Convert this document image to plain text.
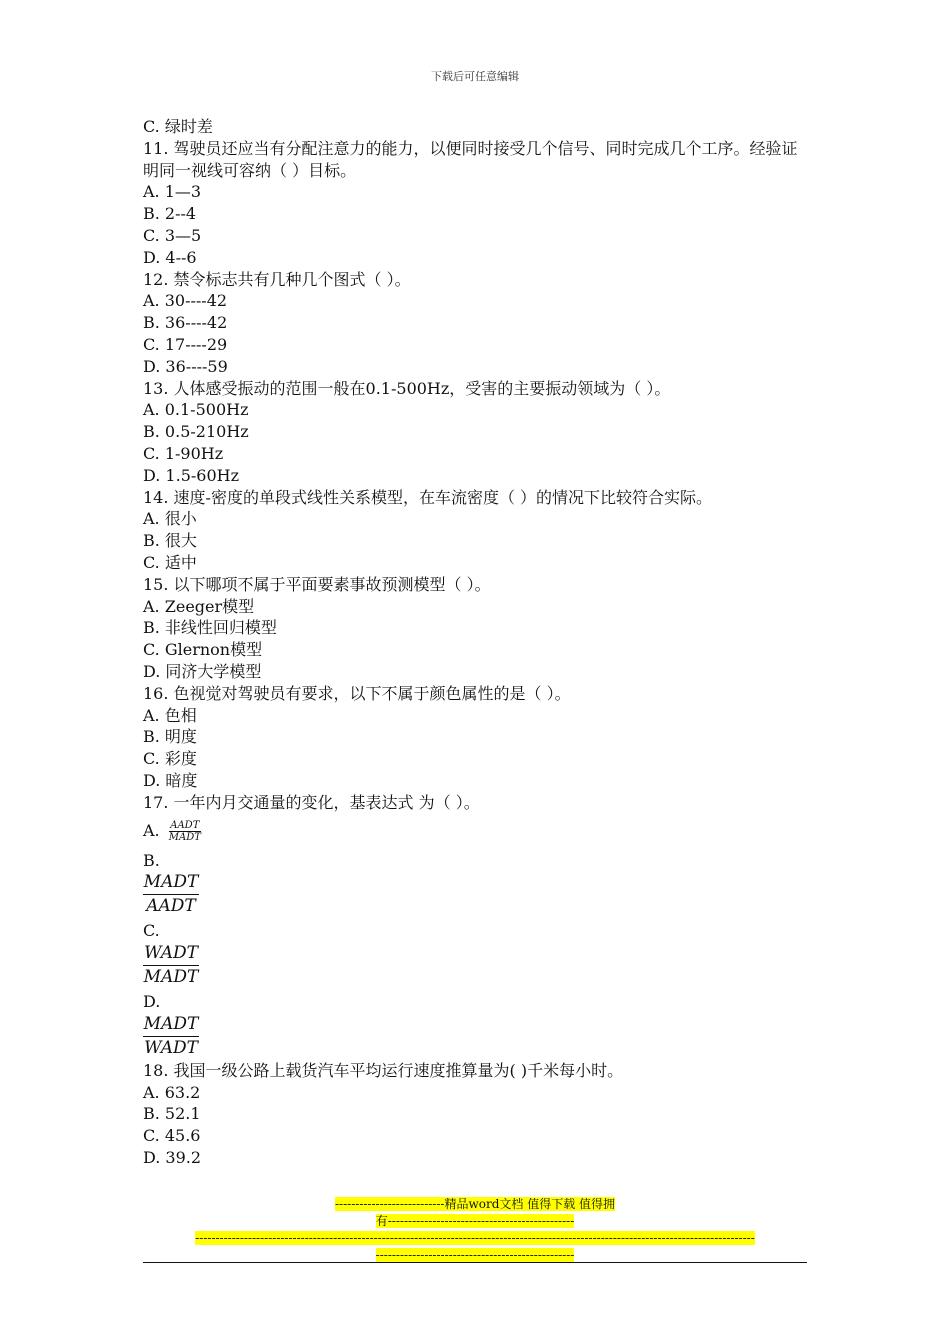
下载后可任意编辑
C. 绿时差
11. 驾驶员还应当有分配注意力的能力，以便同时接受几个信号、同时完成几个工序。经验证明同一视线可容纳（ ）目标。
A. 1—3
B. 2--4
C. 3—5
D. 4--6
12. 禁令标志共有几种几个图式（ ）。
A. 30----42
B. 36----42
C. 17----29
D. 36----59
13. 人体感受振动的范围一般在0.1-500Hz，受害的主要振动领域为（ ）。
A. 0.1-500Hz
B. 0.5-210Hz
C. 1-90Hz
D. 1.5-60Hz
14. 速度-密度的单段式线性关系模型，在车流密度（ ）的情况下比较符合实际。
A. 很小
B. 很大
C. 适中
15. 以下哪项不属于平面要素事故预测模型（ ）。
A. Zeeger模型
B. 非线性回归模型
C. Glernon模型
D. 同济大学模型
16. 色视觉对驾驶员有要求，以下不属于颜色属性的是（ ）。
A. 色相
B. 明度
C. 彩度
D. 暗度
17. 一年内月交通量的变化，基表达式 为（ ）。
A. $\frac{\text{AADT}}{\text{MADT}}$
B.
MADT
AADT
C.
WADT
MADT
D.
MADT
WADT
18. 我国一级公路上载货汽车平均运行速度推算量为( )千米每小时。
A. 63.2
B. 52.1
C. 45.6
D. 39.2
---------------------------精品word文档 值得下载 值得拥
有----------------------------------------------
------------------------------------------------------------------------------------------------------------------------------------------
-------------------------------------------------
